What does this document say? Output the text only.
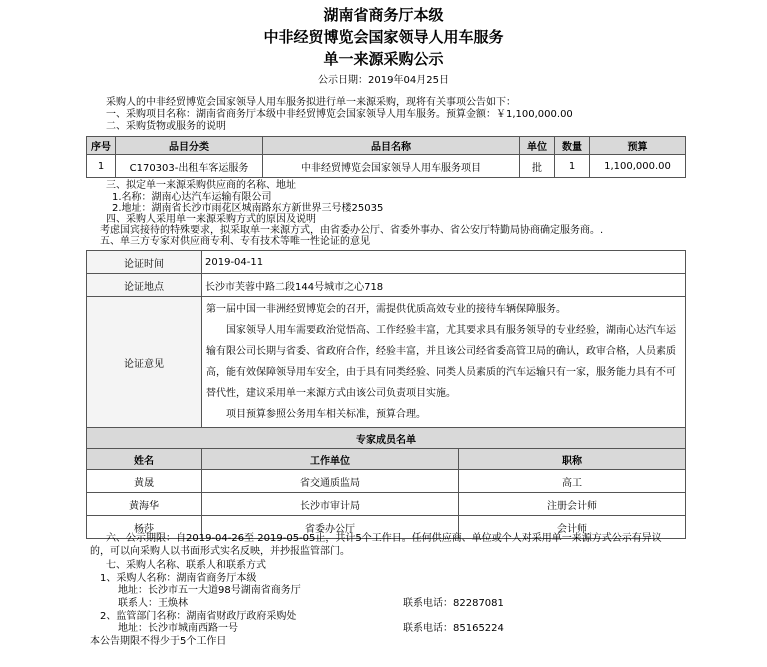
湖南省商务厅本级
中非经贸博览会国家领导人用车服务
单一来源采购公示
公示日期：2019年04月25日
采购人的中非经贸博览会国家领导人用车服务拟进行单一来源采购，现将有关事项公告如下：
一、采购项目名称：湖南省商务厅本级中非经贸博览会国家领导人用车服务。预算金额：￥1,100,000.00
二、采购货物或服务的说明
序号	品目分类	品目名称	单位	数量	预算
1	C170303-出租车客运服务	中非经贸博览会国家领导人用车服务项目	批	1	1,100,000.00
三、拟定单一来源采购供应商的名称、地址
1.名称：湖南心达汽车运输有限公司
2.地址：湖南省长沙市雨花区城南路东方新世界三号楼25035
四、采购人采用单一来源采购方式的原因及说明
考虑国宾接待的特殊要求，拟采取单一来源方式，由省委办公厅、省委外事办、省公安厅特勤局协商确定服务商。.
五、单三方专家对供应商专利、专有技术等唯一性论证的意见
论证时间	2019-04-11	
论证地点	长沙市芙蓉中路二段144号城市之心718	
论证意见	第一届中国一非洲经贸博览会的召开，需提供优质高效专业的接待车辆保障服务。

国家领导人用车需要政治觉悟高、工作经验丰富，尤其要求具有服务领导的专业经验，湖南心达汽车运输有限公司长期与省委、省政府合作，经验丰富，并且该公司经省委高管卫局的确认，政审合格，人员素质高，能有效保障领导用车安全，由于具有同类经验、同类人员素质的汽车运输只有一家，服务能力具有不可替代性，建议采用单一来源方式由该公司负责项目实施。

项目预算参照公务用车相关标准，预算合理。	

专家成员名单		
姓名	工作单位	职称
黄晟	省交通质监局	高工
黄海华	长沙市审计局	注册会计师
杨莎	省委办公厅	会计师
六、公示期限：自2019-04-26至 2019-05-05止，共计5个工作日。任何供应商、单位或个人对采用单一来源方式公示有异议
的，可以向采购人以书面形式实名反映，并抄报监管部门。
七、采购人名称、联系人和联系方式
1、采购人名称：湖南省商务厅本级
地址：长沙市五一大道98号湖南省商务厅
联系人：王焕林	联系电话：82287081
2、监管部门名称：湖南省财政厅政府采购处
地址：长沙市城南西路一号	联系电话：85165224
本公告期限不得少于5个工作日
